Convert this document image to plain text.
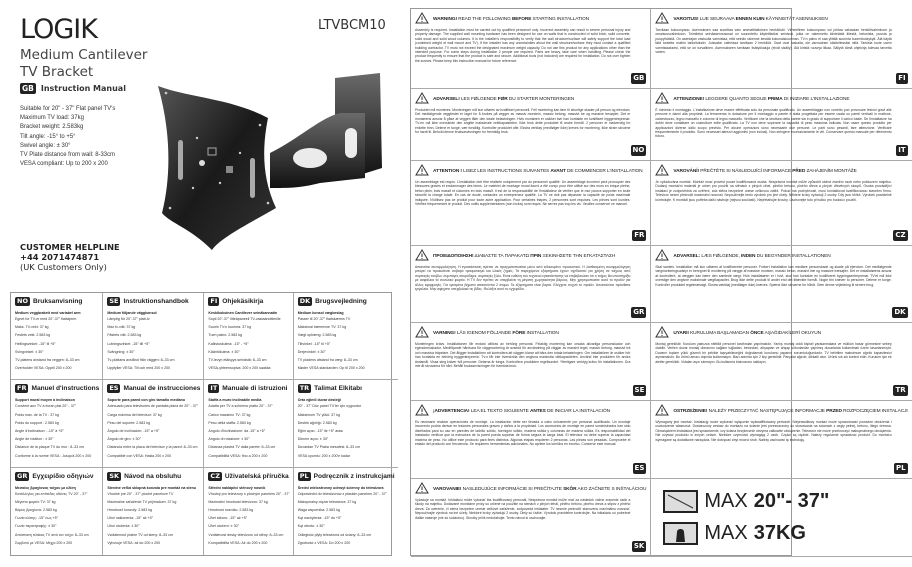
LOGIK	LTVBCM10
Medium Cantilever
TV Bracket
GB Instruction Manual
Suitable for 20" - 37" Flat panel TV's
Maximum TV load: 37kg
Bracket weight: 2.583kg
Tilt angle: -15° to +5°
Swivel angle: ± 30°
TV Plate distance from wall: 8-33cm
VESA compliant: Up to 200 x 200
CUSTOMER HELPLINE
+44 2071474871
(UK Customers Only)
NO Bruksanvisning
Medium veggbrakett med variabel arm
Egnet for TV-er med 20"-37" flatskjerm
Maks. TV-vekt: 37 kg
Festets vekt: 2.583 kg
Hellingsvinkel: -15° til +5°
Svingvinkel: ± 30°
TV-platens avstand fra veggen: 8–33 cm
Overholder VESA: Opptil 200 x 200
SE Instruktionshandbok
Medium följande väggkonsol
Lämplig för 20"-37" platt-tv
Max tv-vikt: 37 kg
Fästets vikt: 2.583 kg
Lutningsvinkel: -15° till +5°
Svängning: ± 30°
Tv-plattans avstånd från väggen: 8–33 cm
Uppfyller VESA: Till och med 200 x 200
FI Ohjekäsikirja
Keskikokoinen Cantilever seinäkannatin
Sopii 20"-37" litteäpaneeli TV-vastaanottimille
Suurin TV:n kuorma: 37 kg
Tuen paino: 2.583 kg
Kallistuskulma: -15° - +5°
Kääntökulma: ± 30°
TV-levyn etäisyys seinästä: 8–33 cm
VESA-yhteensopiva: 200 x 200 saakka
DK Brugsvejledning
Medium konsol vægbeslag
Passer til 20"-37" fladskærms TV
Maksimal bæreevne TV: 37 kg
Vægt ophæng: 2.583 kg
Tiltvinkel: -15° til +5°
Drejevinkel: ± 30°
TV pladens afstand fra væg: 8–33 cm
Møder VESA standarden: Op til 200 x 200
FR Manuel d'instructions
Support mural moyen à inclinaison
Convient aux TV à écran plat 20" - 37"
Poids max. de la TV : 37 kg
Poids du support : 2.583 kg
Angle d'inclinaison : -15° à +5°
Angle de rotation : ± 30°
Distance de la plaque TV du mur : 8–33 cm
Conforme à la norme VESA : Jusqu'à 200 x 200
ES Manual de instrucciones
Soporte para pared con giro tamaño mediano
Adecuado para televisores de pantalla plana de 20" - 37"
Carga máxima del televisor: 37 kg
Peso del soporte: 2.583 kg
Ángulo de inclinación: -15° a +5°
Ángulo de giro: ± 30°
Distancia entre la placa del televisor y la pared: 8–33 cm
Compatible con VESA: Hasta 200 x 200
IT Manuale di istruzioni
Staffa a muro inclinabile media
Adatta per TV a schermo piatto 20" - 37"
Carico massimo TV: 37 kg
Peso della staffa: 2.583 kg
Angolo d'inclinazione: da -15° a +5°
Angolo di rotazione: ± 30°
Distanza piastra TV dalla parete: 8–33 cm
Compatibilità VESA: fino a 200 x 200
TR Talimat Elkitabı
Orta eğimli duvar desteği
20" - 37" Düz panel TV'ler için uygundur
Maksimum TV yükü: 37 kg
Destek ağırlığı: 2.583 kg
Eğim açısı: -15° ile +5° arası
Dönme açısı: ± 30°
Duvardan TV Plaka mesafesi: 8–33 cm
VESA uyumlu: 200 x 200'e kadar
GR Εγχειρίδιο οδηγιών
Μεσαίος βραχίονας τοίχου με κλίση
Κατάλληλος για επίπεδες οθόνες TV 20" - 37"
Μέγιστο φορτίο TV: 37 kg
Βάρος βραχίονα: 2.583 kg
Γωνία κλίσης: -15° έως +5°
Γωνία περιστροφής: ± 30°
Απόσταση πλάκας TV από τον τοίχο: 8–33 cm
Συμβατό με VESA: Μέχρι 200 x 200
SK Návod na obsluhu
Stredne veľká sklopná konzola pre montáž na stenu
Vhodné pre 20" - 37" ploché panelové TV
Maximálne zaťaženie TV prijímačom: 37 kg
Hmotnosť konzoly: 2.583 kg
Uhol naklonenia: -15° až +5°
Uhol otočenia: ± 30°
Vzdialenosť platne TV od steny: 8–33 cm
Vyhovuje VESA: až do 200 x 200
CZ Uživatelská příručka
Střední naklápěcí stěnový nosník
Vhodný pro televizory s plochým panelem 20" - 37"
Maximální hmotnost televizoru: 37 kg
Hmotnost nosníku: 2.583 kg
Úhel sklonu: -15° až +5°
Úhel otočení: ± 30°
Vzdálenost desky televizoru od stěny: 8–33 cm
Kompatibilita VESA: Až do 200 x 200
PL Podręcznik z instrukcjami
Średni wielostronny uchwyt ścienny do telewizora
Odpowiedni do telewizorów z płaskim panelem 20" - 37"
Maksymalny ciężar telewizora: 37 kg
Waga wspornika: 2.583 kg
Kąt nachylenia: -15° do +5°
Kąt obrotu: ± 30°
Odległość płyty telewizora od ściany: 8–33 cm
Zgodność z VESA: Do 200 x 200
WARNING! READ THE FOLLOWING BEFORE STARTING INSTALLATION
Assembly is required. Installation must be carried out by qualified personnel only. Incorrect assembly can result in severe personal injury and property damage. The supplied wall mounting hardware has been designed for use on walls that is constructed of solid brick, solid concrete, solid wood and solid wood columns. It is the installer's responsibility to verify that the wall structure/surface will safely support the total load (combined weight of wall mount and TV). If the installer has any uncertainties about the wall structure/surface they must contact a qualified building contractor. TV must not exceed the designated maximum weight capacity. Do not use this product for any applications other than the intended purpose. For some steps during installation 2 people are required. Parts are heavy, take care when handling. Please check the product frequently to ensure that the product is safe and secure. Additional tools (not included) are required for installation. Do not over tighten the screws. Please keep this instruction manual for future reference.
GB
VAROITUS! LUE SEURAAVA ENNEN KUIN KÄYNNISTÄT ASENNUKSEN
Tarvitaan kokoonpano. Asennuksen saa suorittaa vain ammattitaitoinen henkilöstö. Virheellinen kokoonpano voi johtaa vakavaan henkilövahinkoon ja omaisuusvahinkoon. Toimitetut seinäasennusosat on suunniteltu käytettäviksi seinissä, jotka on rakennettu kiinteästä tiilestä, betonista, puusta ja puupylväistä. On asentajan vastuulla varmistaa, että seinän rakenne kestää kokonaiskuorman. TV:n paino ei saa ylittää suurinta kuormituskykyä. Älä käytä tätä tuotetta muihin tarkoituksiin. Joissakin vaiheissa tarvitaan 2 henkilöä. Osat ovat raskaita, ole varovainen käsitellessäsi niitä. Tarkista tuote usein varmistaaksesi, että se on turvallinen. Asennukseen tarvitaan lisätyökaluja (eivät sisälly). Älä kiristä ruuveja liikaa. Säilytä tämä ohjekirja tulevaa tarvetta varten.
FI
ADVARSEL! LES FØLGENDE FØR DU STARTER MONTERINGEN
Produktet må monteres. Monteringen må kun utføres av kvalifisert personell. Feil montering kan føre til alvorlige skader på person og eiendom. Det medfølgende veggfestet er laget for å brukes på vegger av massiv murstein, massiv betong, massivt tre og massive tresøyler. Det er montørens ansvar å påse at veggen tåler den totale belastningen. Hvis montøren er usikker bør han kontakte en kvalifisert byggentreprenør. TV-en må ikke overskride den angitte maksimale vektkapasiteten. Ikke bruk dette produktet til andre formål. 2 personer er nødvendig for enkelte trinn. Delene er tunge, vær forsiktig. Kontroller produktet ofte. Ekstra verktøy (medfølger ikke) kreves for montering. Ikke stram skruene for hardt til. Behold denne bruksanvisningen for fremtidig bruk.
NO
ATTENZIONE! LEGGERE QUANTO SEGUE PRIMA DI INIZIARE L'INSTALLAZIONE
È richiesto il montaggio. L'installazione deve essere effettuata solo da personale qualificato. Un assemblaggio non corretto può provocare lesioni gravi alle persone e danni alla proprietà. La ferramenta in dotazione per il montaggio a parete è stata progettata per essere usata su pareti verticali in mattone, calcestruzzo, legno massello e colonne di legno massello. Verificare che la struttura della parete sia in grado di supportare il carico totale. Se l'installatore ha dubbi deve contattare un costruttore edile qualificato. La TV non deve superare la capacità di peso massima indicata. Non usare questo prodotto per applicazioni diverse dallo scopo previsto. Per alcune operazioni sono necessarie due persone. Le parti sono pesanti, fare attenzione. Verificare frequentemente il prodotto. Sono necessari attrezzi aggiuntivi (non inclusi). Non stringere eccessivamente le viti. Conservare questo manuale per riferimento futuro.
IT
ATTENTION ! LISEZ LES INSTRUCTIONS SUIVANTES AVANT DE COMMENCER L'INSTALLATION
Un assemblage est requis. L'installation doit être réalisée uniquement par du personnel qualifié. Un assemblage incorrect peut provoquer des blessures graves et endommager des biens. Le matériel de montage mural fourni a été conçu pour être utilisé sur des murs en brique pleine, béton plein, bois massif et colonnes en bois massif. Il est de la responsabilité de l'installateur de vérifier que le mur pourra supporter en toute sécurité la charge totale. En cas de doute, contactez un entrepreneur qualifié. La TV ne doit pas dépasser la capacité de poids maximale indiquée. N'utilisez pas ce produit pour toute autre application. Pour certaines étapes, 2 personnes sont requises. Les pièces sont lourdes. Vérifiez fréquemment le produit. Des outils supplémentaires (non inclus) sont requis. Ne serrez pas trop les vis. Veuillez conserver ce manuel.
FR
VAROVÁNÍ! PŘEČTĚTE SI NÁSLEDUJÍCÍ INFORMACE PŘED ZAHÁJENÍM MONTÁŽE
Je vyžadována montáž. Montáž musí provést pouze kvalifikovaná osoba. Nesprávná montáž může způsobit vážná zranění osob nebo poškození majetku. Dodaný montážní materiál je určen pro použití na stěnách z plných cihel, plného betonu, plného dřeva a plných dřevěných sloupů. Osoba provádějící instalaci je zodpovědná za ověření, zda stěna bezpečně unese celkovou zátěž. Pokud má pochybnosti, musí kontaktovat kvalifikovanou stavební firmu. Televizor nesmí překročit maximální nosnost. Nepoužívejte tento výrobek pro jiné účely. Některé kroky vyžadují 2 osoby. Díly jsou těžké. Výrobek pravidelně kontrolujte. K montáži jsou potřeba další nástroje (nejsou součástí). Nepřetahujte šrouby. Uschovejte tuto příručku pro budoucí použití.
CZ
ΠΡΟΕΙΔΟΠΟΙΗΣΗ! ΔΙΑΒΑΣΤΕ ΤΑ ΠΑΡΑΚΑΤΩ ΠΡΙΝ ΞΕΚΙΝΗΣΕΤΕ ΤΗΝ ΕΓΚΑΤΑΣΤΑΣΗ
Απαιτείται συναρμολόγηση. Η εγκατάσταση πρέπει να πραγματοποιείται μόνο από ειδικευμένο προσωπικό. Η λανθασμένη συναρμολόγηση μπορεί να προκαλέσει σοβαρό τραυματισμό και υλικές ζημιές. Τα παρεχόμενα εξαρτήματα έχουν σχεδιαστεί για χρήση σε τοίχους από συμπαγές τούβλο, συμπαγές σκυρόδεμα, συμπαγές ξύλο. Είναι ευθύνη του τεχνικού εγκατάστασης να επιβεβαιώσει ότι ο τοίχος θα υποστηρίξει με ασφάλεια το συνολικό φορτίο. Η TV δεν πρέπει να υπερβαίνει τη μέγιστη χωρητικότητα βάρους. Μην χρησιμοποιείτε αυτό το προϊόν για άλλες εφαρμογές. Για ορισμένα βήματα απαιτούνται 2 άτομα. Τα εξαρτήματα είναι βαριά. Ελέγχετε συχνά το προϊόν. Απαιτούνται πρόσθετα εργαλεία. Μην σφίγγετε υπερβολικά τις βίδες. Φυλάξτε αυτό το εγχειρίδιο.
GR
ADVARSEL: LÆS FØLGENDE, INDEN DU BEGYNDER INSTALLATIONEN
Skal samles. Installation må kun udføres af kvalificerede personer. Forkert installation kan medføre personskade og skade på ejendom. Det medfølgende vægmonteringsudstyr er beregnet til montering på vægge af massive mursten, massiv beton, massivt træ og massive træsøjler. Det er installatørens ansvar at kontrollere, at væggen kan bære den samlede vægt. Hvis installatøren er i tvivl, skal han kontakte en kvalificeret bygningsentreprenør. TV'et må ikke overstige den angivne maksimale vægtkapacitet. Brug ikke dette produkt til andet end det tiltænkte formål. Nogle trin kræver to personer. Delene er tunge. Kontroller produktet regelmæssigt. Ekstra værktøj (medfølger ikke) kræves. Spænd ikke skruerne for hårdt. Gem denne vejledning til senere brug.
DK
VARNING! LÄS IGENOM FÖLJANDE FÖRE INSTALLATION
Monteringen krävs. Installationen får endast utföras av behörig personal. Felaktig montering kan orsaka allvarliga personskador och egendomsskador. Medföljande hårdvara för väggmontering är avsedd för användning på väggar av massivt tegel, massiv betong, massivt trä och massiva träpelare. Det åligger installatören att kontrollera att väggen klarar att bära den totala belastningen. Om installatören är osäker bör han kontakta en behörig byggentreprenör. Tv:n får inte överskrida den angivna maximala viktkapaciteten. Använd inte produkten för andra ändamål. Vissa steg kräver två personer. Delarna är tunga. Kontrollera produkten regelbundet. Ytterligare verktyg krävs för installationen. Dra inte åt skruvarna för hårt. Behåll bruksanvisningen för framtida bruk.
SE
UYARI! KURULUMA BAŞLAMADAN ÖNCE AŞAĞIDAKİLERİ OKUYUN
Montaj gereklidir. Kurulum yalnızca nitelikli personel tarafından yapılmalıdır. Yanlış montaj ciddi kişisel yaralanmalara ve mülkün hasar görmesine sebep olabilir. Verilen duvar montaj donanımı sağlam tuğladan, betondan, ahşaptan ve ahşap sütunlardan yapılmış duvarlarda kullanılmak üzere tasarlanmıştır. Duvarın toplam yükü güvenli bir şekilde taşıyabileceğini doğrulamak kurulumu yapanın sorumluluğundadır. TV belirtilen maksimum ağırlık kapasitesini aşmamalıdır. Bu ürünü amacı dışında kullanmayın. Bazı adımlar için 2 kişi gereklidir. Parçalar ağırdır, dikkatli olun. Ürünü sık sık kontrol edin. Kurulum için ek aletler gereklidir. Vidaları aşırı sıkmayın. Bu kullanma kılavuzunu saklayın.
TR
¡ADVERTENCIA! LEA EL TEXTO SIGUIENTE ANTES DE INICIAR LA INSTALACIÓN
Es necesario realizar operaciones de montaje. La instalación debe ser llevada a cabo únicamente por personal cualificado. Un montaje incorrecto podría derivar en lesiones personales graves y daños a la propiedad. Los accesorios de montaje en pared suministrados han sido diseñados para su uso en paredes de ladrillo sólido, hormigón sólido, madera sólida y columnas de madera sólida. Es responsabilidad del instalador verificar que la estructura de la pared pueda soportar de forma segura la carga total. El televisor no debe superar la capacidad máxima de peso. No utilice este producto para fines distintos. Algunas etapas requieren 2 personas. Las piezas son pesadas. Compruebe el estado del producto con frecuencia. Se requieren herramientas adicionales. No apriete los tornillos en exceso. Conserve este manual.
ES
OSTRZEŻENIE! NALEŻY PRZECZYTAĆ NASTĘPUJĄCE INFORMACJE PRZED ROZPOCZĘCIEM INSTALACJI
Wymagany jest montaż. Instalację może wykonać wyłącznie wykwalifikowany personel. Nieprawidłowy montaż może spowodować poważne obrażenia i uszkodzenie własności. Dostarczony zestaw do montażu na ścianie jest przeznaczony do stosowania na ścianach z cegły pełnej, betonu, litego drewna. Obowiązkiem instalatora jest sprawdzenie, czy ściana bezpiecznie utrzyma całkowite obciążenie. Telewizor nie może przekroczyć maksymalnego obciążenia. Nie używać produktu w innych celach. Niektóre czynności wymagają 2 osób. Części są ciężkie. Należy regularnie sprawdzać produkt. Do montażu wymagane są dodatkowe narzędzia. Nie dokręcać zbyt mocno śrub. Należy zachować tę instrukcję.
PL
VAROVANIE! NASLEDUJÚCE INFORMÁCIE SI PREČÍTAJTE SKÔR AKO ZAČNETE S INŠTALÁCIOU
Vyžaduje sa montáž. Inštaláciu môže vykonať iba kvalifikovaný personál. Nesprávna montáž môže mať za následok vážne zranenie osôb a škody na majetku. Dodávané montážne prvky sú určené na použitie na stenách z plných tehál, plného betónu, plného dreva a stĺpov z plného dreva. Za overenie, či stena bezpečne unesie celkové zaťaženie, zodpovedá inštalatér. TV nesmie prekročiť stanovenú maximálnu nosnosť. Nepoužívajte výrobok na iné účely. Niektoré kroky vyžadujú 2 osoby. Diely sú ťažké. Výrobok pravidelne kontrolujte. Na inštaláciu sú potrebné ďalšie nástroje (nie sú súčasťou). Skrutky príliš nedoťahujte. Tento návod si uschovajte.
SK
MAX 20"- 37"
MAX 37KG
